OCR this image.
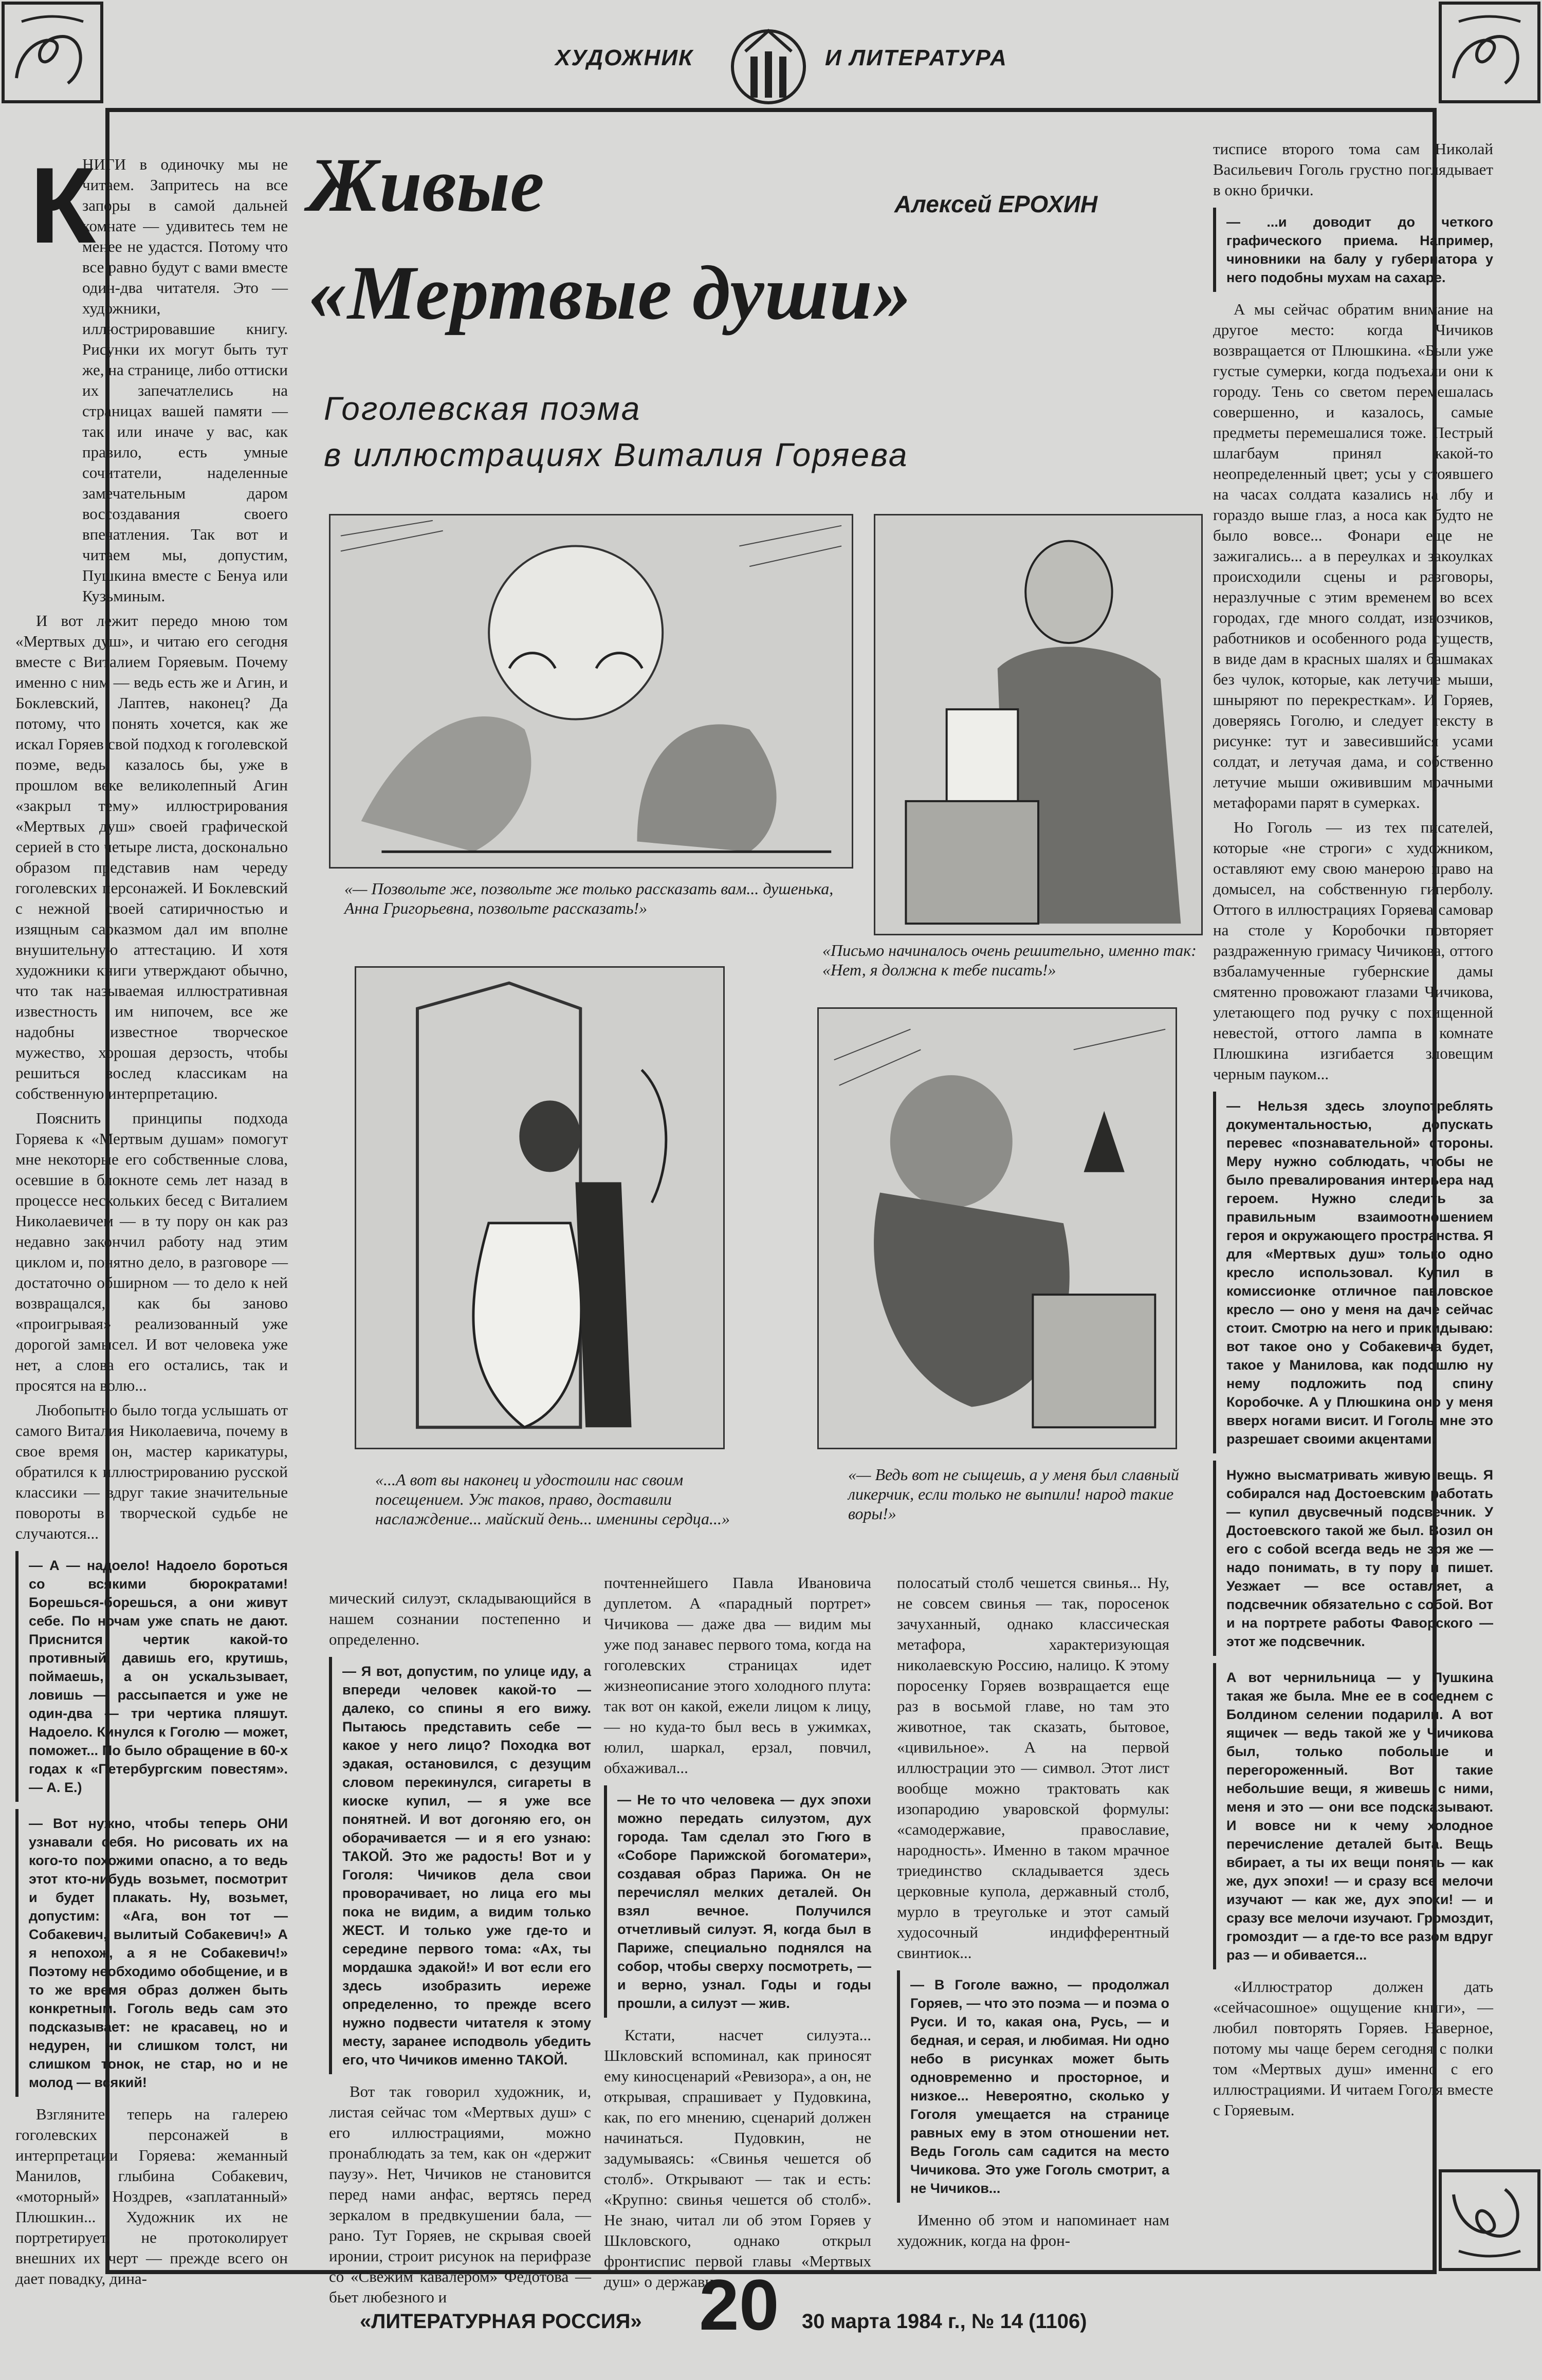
ХУДОЖНИК	И ЛИТЕРАТУРА
К	Живые
«Мертвые души»
Алексей ЕРОХИН
Гоголевская поэма
в иллюстрациях Виталия Горяева

НИГИ в одиночку мы не читаем. Запритесь на все запоры в самой дальней комнате — удивитесь тем не менее не удастся. Потому что все равно будут с вами вместе один-два читателя. Это — художники, иллюстрировавшие книгу. Рисунки их могут быть тут же, на странице, либо оттиски их запечатлелись на страницах вашей памяти — так или иначе у вас, как правило, есть умные сочитатели, наделенные замечательным даром воссоздавания своего впечатления. Так вот и читаем мы, допустим, Пушкина вместе с Бенуа или Кузьминым.

И вот лежит передо мною том «Мертвых душ», и читаю его сегодня вместе с Виталием Горяевым. Почему именно с ним — ведь есть же и Агин, и Боклевский, Лаптев, наконец? Да потому, что понять хочется, как же искал Горяев свой подход к гоголевской поэме, ведь, казалось бы, уже в прошлом веке великолепный Агин «закрыл тему» иллюстрирования «Мертвых душ» своей графической серией в сто четыре листа, досконально образом представив нам череду гоголевских персонажей. И Боклевский с нежной своей сатиричностью и изящным сарказмом дал им вполне внушительную аттестацию. И хотя художники книги утверждают обычно, что так называемая иллюстративная известность им нипочем, все же надобны известное творческое мужество, хорошая дерзость, чтобы решиться вослед классикам на собственную интерпретацию.

Пояснить принципы подхода Горяева к «Мертвым душам» помогут мне некоторые его собственные слова, осевшие в блокноте семь лет назад в процессе нескольких бесед с Виталием Николаевичем — в ту пору он как раз недавно закончил работу над этим циклом и, понятно дело, в разговоре — достаточно обширном — то дело к ней возвращался, как бы заново «проигрывая» реализованный уже дорогой замысел. И вот человека уже нет, а слова его остались, так и просятся на волю...

Любопытно было тогда услышать от самого Виталия Николаевича, почему в свое время он, мастер карикатуры, обратился к иллюстрированию русской классики — вдруг такие значительные повороты в творческой судьбе не случаются...

— А — надоело! Надоело бороться со всякими бюрократами! Борешься-борешься, а они живут себе. По ночам уже спать не дают. Приснится чертик какой-то противный, давишь его, крутишь, поймаешь, а он ускальзывает, ловишь — рассыпается и уже не один-два — три чертика пляшут. Надоело. Кинулся к Гоголю — может, поможет... По было обращение в 60-х годах к «Петербургским повестям». — А. Е.)

— Вот нужно, чтобы теперь ОНИ узнавали себя. Но рисовать их на кого-то похожими опасно, а то ведь этот кто-нибудь возьмет, посмотрит и будет плакать. Ну, возьмет, допустим: «Ага, вон тот — Собакевич, вылитый Собакевич!» А я непохож, а я не Собакевич!» Поэтому необходимо обобщение, и в то же время образ должен быть конкретным. Гоголь ведь сам это подсказывает: не красавец, но и недурен, ни слишком толст, ни слишком тонок, не стар, но и не молод — всякий!

Взгляните теперь на галерею гоголевских персонажей в интерпретации Горяева: жеманный Манилов, глыбина Собакевич, «моторный» Ноздрев, «заплатанный» Плюшкин... Художник их не портретирует, не протоколирует внешних их черт — прежде всего он дает повадку, дина-

«— Позвольте же, позвольте же только рассказать вам... душенька, Анна Григорьевна, позвольте рассказать!»
«Письмо начиналось очень решительно, именно так: «Нет, я должна к тебе писать!»
«...А вот вы наконец и удостоили нас своим посещением. Уж таков, право, доставили наслаждение... майский день... именины сердца...»
«— Ведь вот не сыщешь, а у меня был славный ликерчик, если только не выпили! народ такие воры!»

мический силуэт, складывающийся в нашем сознании постепенно и определенно.

— Я вот, допустим, по улице иду, а впереди человек какой-то — далеко, со спины я его вижу. Пытаюсь представить себе — какое у него лицо? Походка вот эдакая, остановился, с дезущим словом перекинулся, сигареты в киоске купил, — я уже все понятней. И вот догоняю его, он оборачивается — и я его узнаю: ТАКОЙ. Это же радость! Вот и у Гоголя: Чичиков дела свои проворачивает, но лица его мы пока не видим, а видим только ЖЕСТ. И только уже где-то и середине первого тома: «Ах, ты мордашка эдакой!» И вот если его здесь изобразить иереже определенно, то прежде всего нужно подвести читателя к этому месту, заранее исподволь убедить его, что Чичиков именно ТАКОЙ.

Вот так говорил художник, и, листая сейчас том «Мертвых душ» с его иллюстрациями, можно пронаблюдать за тем, как он «держит паузу». Нет, Чичиков не становится перед нами анфас, вертясь перед зеркалом в предвкушении бала, — рано. Тут Горяев, не скрывая своей иронии, строит рисунок на перифразе со «Свежим кавалером» Федотова — бьет любезного и

почтеннейшего Павла Ивановича дуплетом. А «парадный портрет» Чичикова — даже два — видим мы уже под занавес первого тома, когда на гоголевских страницах идет жизнеописание этого холодного плута: так вот он какой, ежели лицом к лицу, — но куда-то был весь в ужимках, юлил, шаркал, ерзал, повчил, обхаживал...

— Не то что человека — дух эпохи можно передать силуэтом, дух города. Там сделал это Гюго в «Соборе Парижской богоматери», создавая образ Парижа. Он не перечислял мелких деталей. Он взял вечное. Получился отчетливый силуэт. Я, когда был в Париже, специально поднялся на собор, чтобы сверху посмотреть, — и верно, узнал. Годы и годы прошли, а силуэт — жив.

Кстати, насчет силуэта... Шкловский вспоминал, как приносят ему киносценарий «Ревизора», а он, не открывая, спрашивает у Пудовкина, как, по его мнению, сценарий должен начинаться. Пудовкин, не задумываясь: «Свинья чешется об столб». Открывают — так и есть: «Крупно: свинья чешется об столб». Не знаю, читал ли об этом Горяев у Шкловского, однако открыл фронтиспис первой главы «Мертвых душ» о державно-

полосатый столб чешется свинья... Ну, не совсем свинья — так, поросенок зачуханный, однако классическая метафора, характеризующая николаевскую Россию, налицо. К этому поросенку Горяев возвращается еще раз в восьмой главе, но там это животное, так сказать, бытовое, «цивильное». А на первой иллюстрации это — символ. Этот лист вообще можно трактовать как изопародию уваровской формулы: «самодержавие, православие, народность». Именно в таком мрачное триединство складывается здесь церковные купола, державный столб, мурло в треугольке и этот самый худосочный индифферентный свинтиок...

— В Гоголе важно, — продолжал Горяев, — что это поэма — и поэма о Руси. И то, какая она, Русь, — и бедная, и серая, и любимая. Ни одно небо в рисунках может быть одновременно и просторное, и низкое... Невероятно, сколько у Гоголя умещается на странице равных ему в этом отношении нет. Ведь Гоголь сам садится на место Чичикова. Это уже Гоголь смотрит, а не Чичиков...

Именно об этом и напоминает нам художник, когда на фрон-

тисписе второго тома сам Николай Васильевич Гоголь грустно поглядывает в окно брички.

— ...и доводит до четкого графического приема. Например, чиновники на балу у губернатора у него подобны мухам на сахаре.

А мы сейчас обратим внимание на другое место: когда Чичиков возвращается от Плюшкина. «Были уже густые сумерки, когда подъехали они к городу. Тень со светом перемешалась совершенно, и казалось, самые предметы перемешалися тоже. Пестрый шлагбаум принял какой-то неопределенный цвет; усы у стоявшего на часах солдата казались на лбу и гораздо выше глаз, а носа как будто не было вовсе... Фонари еще не зажигались... а в переулках и закоулках происходили сцены и разговоры, неразлучные с этим временем во всех городах, где много солдат, извозчиков, работников и особенного рода существ, в виде дам в красных шалях и башмаках без чулок, которые, как летучие мыши, шныряют по перекресткам». И Горяев, доверяясь Гоголю, и следует тексту в рисунке: тут и завесившийся усами солдат, и летучая дама, и собственно летучие мыши оживившим мрачными метафорами парят в сумерках.

Но Гоголь — из тех писателей, которые «не строги» с художником, оставляют ему свою манерою право на домысел, на собственную гиперболу. Оттого в иллюстрациях Горяева самовар на столе у Коробочки повторяет раздраженную гримасу Чичикова, оттого взбаламученные губернские дамы смятенно провожают глазами Чичикова, улетающего под ручку с похищенной невестой, оттого лампа в комнате Плюшкина изгибается зловещим черным пауком...

— Нельзя здесь злоупотреблять документальностью, допускать перевес «познавательной» стороны. Меру нужно соблюдать, чтобы не было превалирования интерьера над героем. Нужно следить за правильным взаимоотношением героя и окружающего пространства. Я для «Мертвых душ» только одно кресло использовал. Купил в комиссионке отличное павловское кресло — оно у меня на даче сейчас стоит. Смотрю на него и прикидываю: вот такое оно у Собакевича будет, такое у Манилова, как подошлю ну нему подложить под спину Коробочке. А у Плюшкина оно у меня вверх ногами висит. И Гоголь мне это разрешает своими акцентами.

Нужно высматривать живую вещь. Я собирался над Достоевским работать — купил двусвечный подсвечник. У Достоевского такой же был. Возил он его с собой всегда ведь не зря же — надо понимать, в ту пору и пишет. Уезжает — все оставляет, а подсвечник обязательно с собой. Вот и на портрете работы Фаворского — этот же подсвечник.

А вот чернильница — у Пушкина такая же была. Мне ее в соседнем с Болдином селении подарили. А вот ящичек — ведь такой же у Чичикова был, только побольше и перегороженный. Вот такие небольшие вещи, я живешь с ними, меня и это — они все подсказывают. И вовсе ни к чему холодное перечисление деталей быта. Вещь вбирает, а ты их вещи понять — как же, дух эпохи! — и сразу все мелочи изучают — как же, дух эпохи! — и сразу все мелочи изучают. Громоздит, громоздит — а где-то все разом вдруг раз — и обивается...

«Иллюстратор должен дать «сейчасошное» ощущение книги», — любил повторять Горяев. Наверное, потому мы чаще берем сегодня с полки том «Мертвых душ» именно с его иллюстрациями. И читаем Гоголя вместе с Горяевым.

«ЛИТЕРАТУРНАЯ РОССИЯ» 20 30 марта 1984 г., № 14 (1106)
